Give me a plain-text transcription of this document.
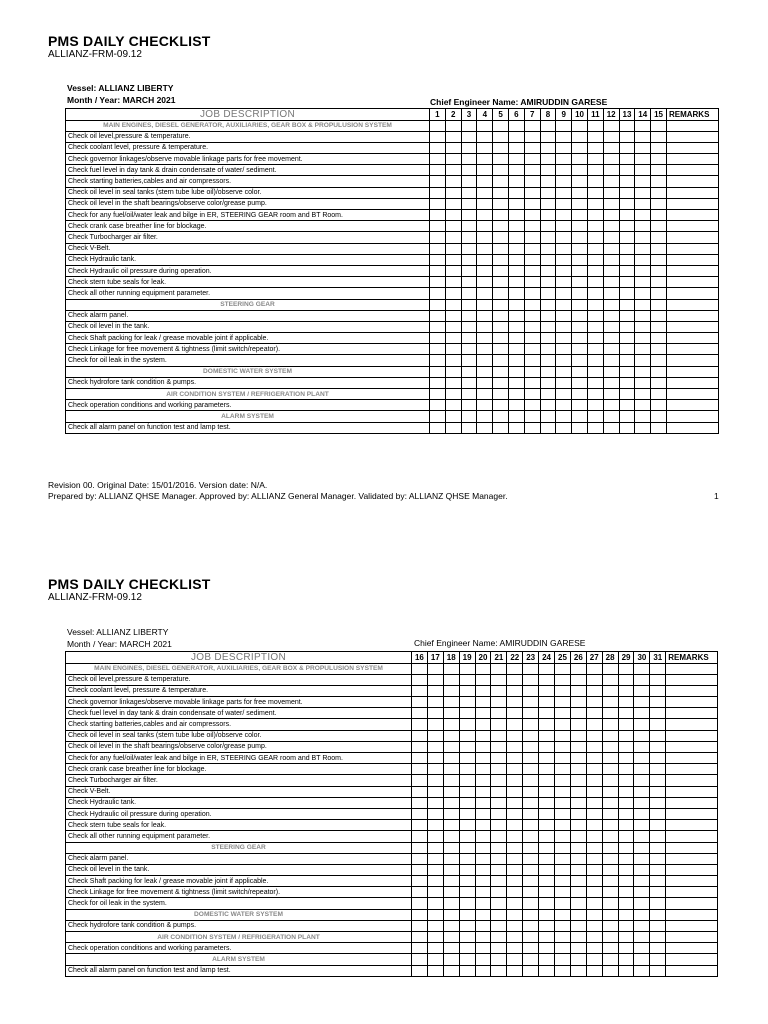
PMS DAILY CHECKLIST
ALLIANZ-FRM-09.12
Vessel: ALLIANZ LIBERTY
Month / Year: MARCH 2021	Chief Engineer Name: AMIRUDDIN GARESE
JOB DESCRIPTION	1	2	3	4	5	6	7	8	9	10	11	12	13	14	15	REMARKS
MAIN ENGINES, DIESEL GENERATOR, AUXILIARIES, GEAR BOX & PROPULUSION SYSTEM																
Check oil level,pressure & temperature.																
Check coolant level, pressure & temperature.																
Check governor linkages/observe movable linkage parts for free movement.																
Check fuel level in day tank & drain condensate of water/ sediment.																
Check starting batteries,cables and air compressors.																
Check oil level in seal tanks (stern tube lube oil)/observe color.																
Check oil level in the shaft bearings/observe color/grease pump.																
Check for any fuel/oil/water leak and bilge in ER, STEERING GEAR room and BT Room.																
Check crank case breather line for blockage.																
Check Turbocharger air filter.																
Check V-Belt.																
Check Hydraulic tank.																
Check Hydraulic oil pressure during operation.																
Check stern tube seals for leak.																
Check all other running equipment parameter.																
STEERING GEAR																
Check alarm panel.																
Check oil level in the tank.																
Check Shaft packing for leak / grease movable joint if applicable.																
Check Linkage for free movement & tightness (limit switch/repeator).																
Check for oil leak in the system.																
DOMESTIC WATER SYSTEM																
Check hydrofore tank condition & pumps.																
AIR CONDITION SYSTEM / REFRIGERATION PLANT																
Check operation conditions and working parameters.																
ALARM SYSTEM																
Check all alarm panel on function test and lamp test.																
Revision 00. Original Date: 15/01/2016. Version date: N/A.
Prepared by: ALLIANZ QHSE Manager. Approved by: ALLIANZ General Manager. Validated by: ALLIANZ QHSE Manager.	1
PMS DAILY CHECKLIST
ALLIANZ-FRM-09.12
Vessel: ALLIANZ LIBERTY
Month / Year: MARCH 2021	Chief Engineer Name: AMIRUDDIN GARESE
JOB DESCRIPTION	16	17	18	19	20	21	22	23	24	25	26	27	28	29	30	31	REMARKS
MAIN ENGINES, DIESEL GENERATOR, AUXILIARIES, GEAR BOX & PROPULUSION SYSTEM																	
Check oil level,pressure & temperature.																	
Check coolant level, pressure & temperature.																	
Check governor linkages/observe movable linkage parts for free movement.																	
Check fuel level in day tank & drain condensate of water/ sediment.																	
Check starting batteries,cables and air compressors.																	
Check oil level in seal tanks (stern tube lube oil)/observe color.																	
Check oil level in the shaft bearings/observe color/grease pump.																	
Check for any fuel/oil/water leak and bilge in ER, STEERING GEAR room and BT Room.																	
Check crank case breather line for blockage.																	
Check Turbocharger air filter.																	
Check V-Belt.																	
Check Hydraulic tank.																	
Check Hydraulic oil pressure during operation.																	
Check stern tube seals for leak.																	
Check all other running equipment parameter.																	
STEERING GEAR																	
Check alarm panel.																	
Check oil level in the tank.																	
Check Shaft packing for leak / grease movable joint if applicable.																	
Check Linkage for free movement & tightness (limit switch/repeator).																	
Check for oil leak in the system.																	
DOMESTIC WATER SYSTEM																	
Check hydrofore tank condition & pumps.																	
AIR CONDITION SYSTEM / REFRIGERATION PLANT																	
Check operation conditions and working parameters.																	
ALARM SYSTEM																	
Check all alarm panel on function test and lamp test.																	
